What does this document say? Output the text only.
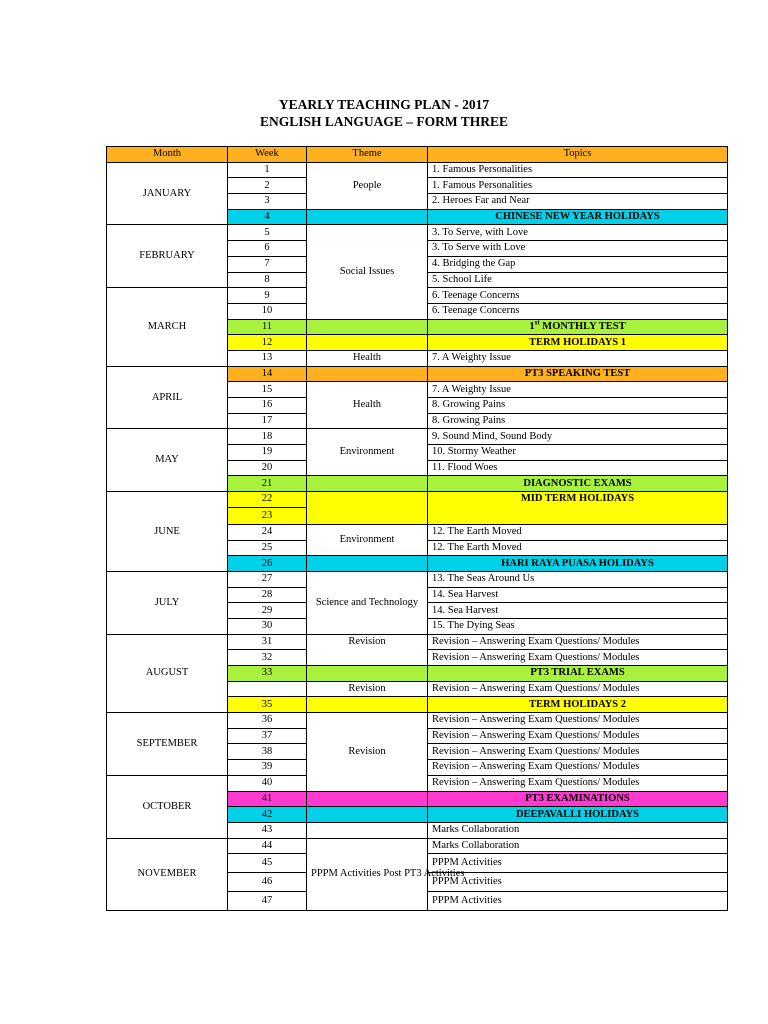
YEARLY TEACHING PLAN - 2017
ENGLISH LANGUAGE – FORM THREE
Month	Week	Theme	Topics
JANUARY	1	People	1. Famous Personalities
	2		1. Famous Personalities
	3		2. Heroes Far and Near
	4		CHINESE NEW YEAR HOLIDAYS
FEBRUARY	5	Social Issues	3. To Serve, with Love
	6		3. To Serve with Love
	7		4. Bridging the Gap
	8		5. School Life
MARCH	9		6. Teenage Concerns
	10		6. Teenage Concerns
	11		1st MONTHLY TEST
	12		TERM HOLIDAYS 1
	13	Health	7. A Weighty Issue
APRIL	14		PT3 SPEAKING TEST
	15	Health	7. A Weighty Issue
	16		8. Growing Pains
	17		8. Growing Pains
MAY	18	Environment	9. Sound Mind, Sound Body
	19		10. Stormy Weather
	20		11. Flood Woes
	21		DIAGNOSTIC EXAMS
JUNE	22		MID TERM HOLIDAYS
	23		
	24	Environment	12. The Earth Moved
	25		12. The Earth Moved
	26		HARI RAYA PUASA HOLIDAYS
JULY	27	Science and Technology	13. The Seas Around Us
	28		14. Sea Harvest
	29		14. Sea Harvest
	30		15. The Dying Seas
AUGUST	31	Revision	Revision – Answering Exam Questions/ Modules
	32		Revision – Answering Exam Questions/ Modules
	33		PT3 TRIAL EXAMS
		Revision	Revision – Answering Exam Questions/ Modules
	35		TERM HOLIDAYS 2
SEPTEMBER	36	Revision	Revision – Answering Exam Questions/ Modules
	37		Revision – Answering Exam Questions/ Modules
	38		Revision – Answering Exam Questions/ Modules
	39		Revision – Answering Exam Questions/ Modules
OCTOBER	40		Revision – Answering Exam Questions/ Modules
	41		PT3 EXAMINATIONS
	42		DEEPAVALLI HOLIDAYS
	43		Marks Collaboration
NOVEMBER	44	PPPM Activities Post PT3 Activities	Marks Collaboration
	45		PPPM Activities
	46		PPPM Activities
	47		PPPM Activities
